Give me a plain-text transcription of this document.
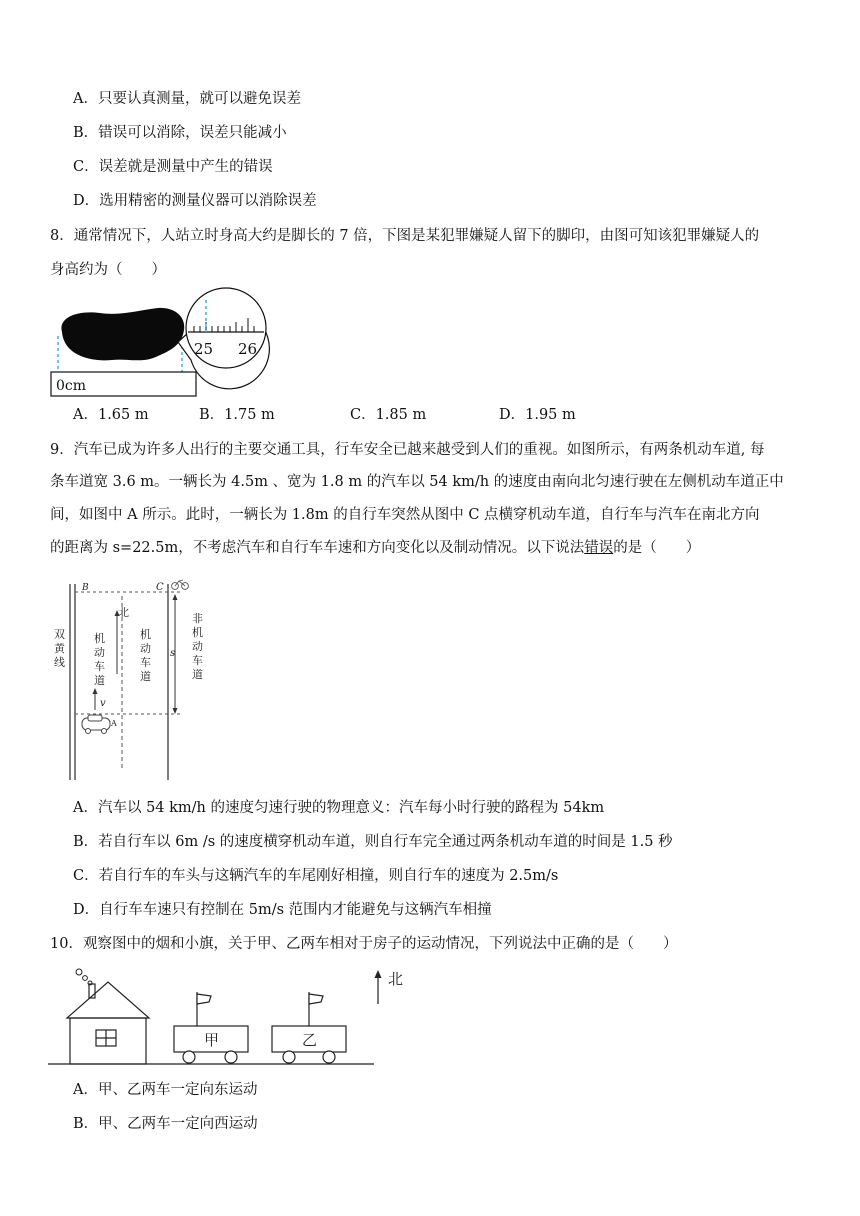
A．只要认真测量，就可以避免误差
B．错误可以消除，误差只能减小
C．误差就是测量中产生的错误
D．选用精密的测量仪器可以消除误差
8．通常情况下，人站立时身高大约是脚长的 7 倍，下图是某犯罪嫌疑人留下的脚印，由图可知该犯罪嫌疑人的
身高约为（　　）
0cm
25 26
A．1.65 m	B．1.75 m	C．1.85 m	D．1.95 m
9．汽车已成为许多人出行的主要交通工具，行车安全已越来越受到人们的重视。如图所示，有两条机动车道, 每
条车道宽 3.6 m。一辆长为 4.5m 、宽为 1.8 m 的汽车以 54 km/h 的速度由南向北匀速行驶在左侧机动车道正中
间，如图中 A 所示。此时，一辆长为 1.8m 的自行车突然从图中 C 点横穿机动车道，自行车与汽车在南北方向
的距离为 s=22.5m，不考虑汽车和自行车车速和方向变化以及制动情况。以下说法错误的是（　　）
B	C
北
s
v
A
双黄线
机动车道
机动车道
非机动车道
A．汽车以 54 km/h 的速度匀速行驶的物理意义：汽车每小时行驶的路程为 54km
B．若自行车以 6m /s 的速度横穿机动车道，则自行车完全通过两条机动车道的时间是 1.5 秒
C．若自行车的车头与这辆汽车的车尾刚好相撞，则自行车的速度为 2.5m/s
D．自行车车速只有控制在 5m/s 范围内才能避免与这辆汽车相撞
10．观察图中的烟和小旗，关于甲、乙两车相对于房子的运动情况，下列说法中正确的是（　　）
甲	乙
北
A．甲、乙两车一定向东运动
B．甲、乙两车一定向西运动
